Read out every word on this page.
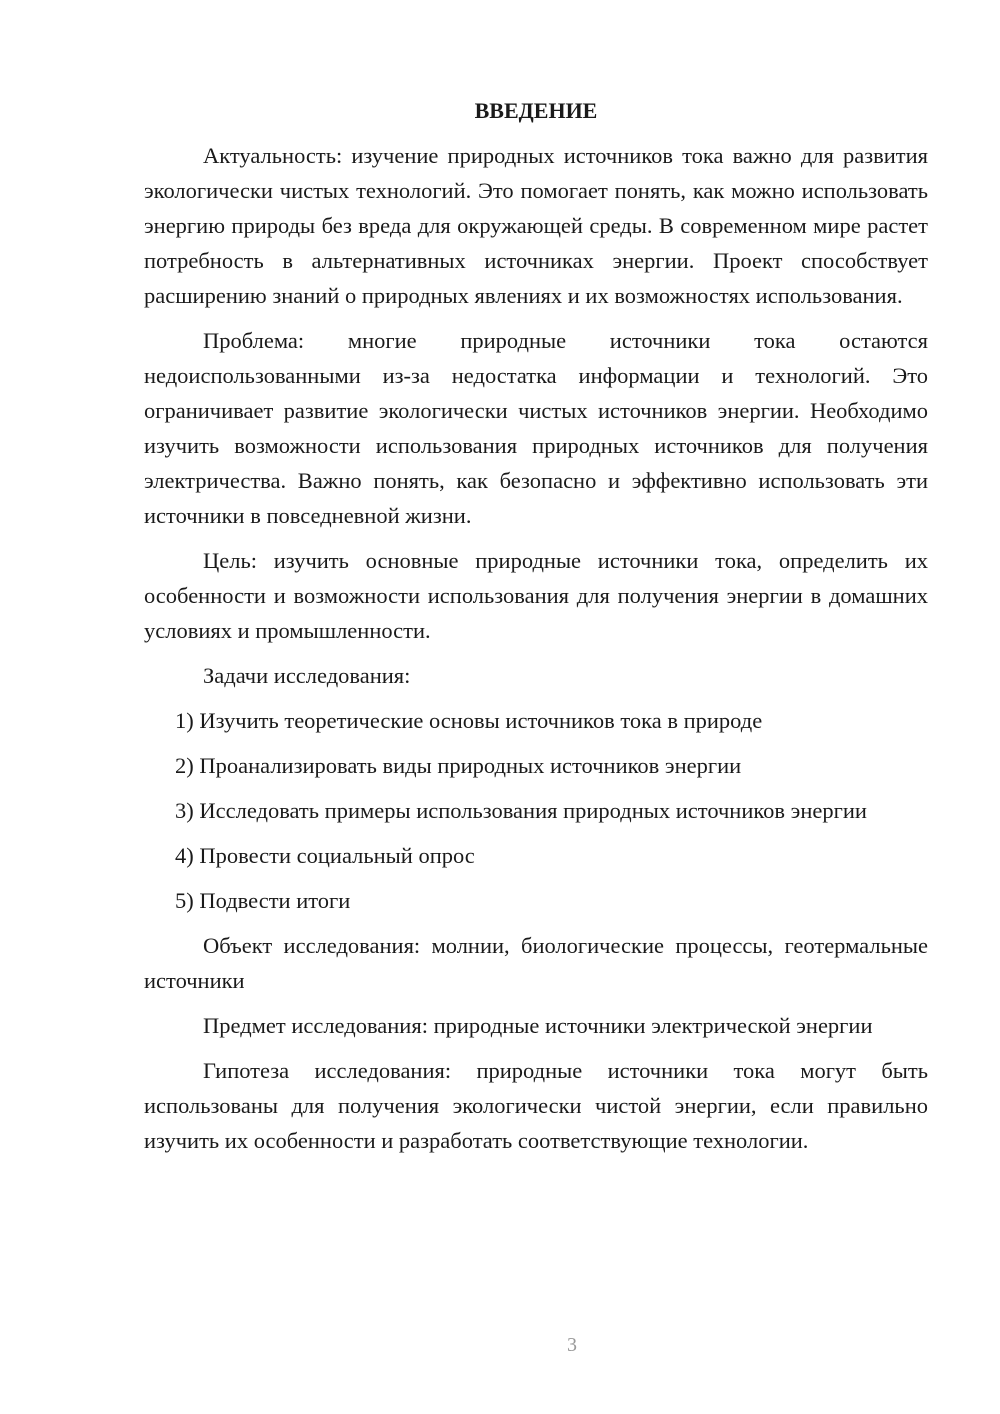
ВВЕДЕНИЕ

Актуальность: изучение природных источников тока важно для развития экологически чистых технологий. Это помогает понять, как можно использовать энергию природы без вреда для окружающей среды. В современном мире растет потребность в альтернативных источниках энергии. Проект способствует расширению знаний о природных явлениях и их возможностях использования.

Проблема: многие природные источники тока остаются недоиспользованными из-за недостатка информации и технологий. Это ограничивает развитие экологически чистых источников энергии. Необходимо изучить возможности использования природных источников для получения электричества. Важно понять, как безопасно и эффективно использовать эти источники в повседневной жизни.

Цель: изучить основные природные источники тока, определить их особенности и возможности использования для получения энергии в домашних условиях и промышленности.

Задачи исследования:

1) Изучить теоретические основы источников тока в природе

2) Проанализировать виды природных источников энергии

3) Исследовать примеры использования природных источников энергии

4) Провести социальный опрос

5) Подвести итоги

Объект исследования: молнии, биологические процессы, геотермальные источники

Предмет исследования: природные источники электрической энергии

Гипотеза исследования: природные источники тока могут быть использованы для получения экологически чистой энергии, если правильно изучить их особенности и разработать соответствующие технологии.

3
